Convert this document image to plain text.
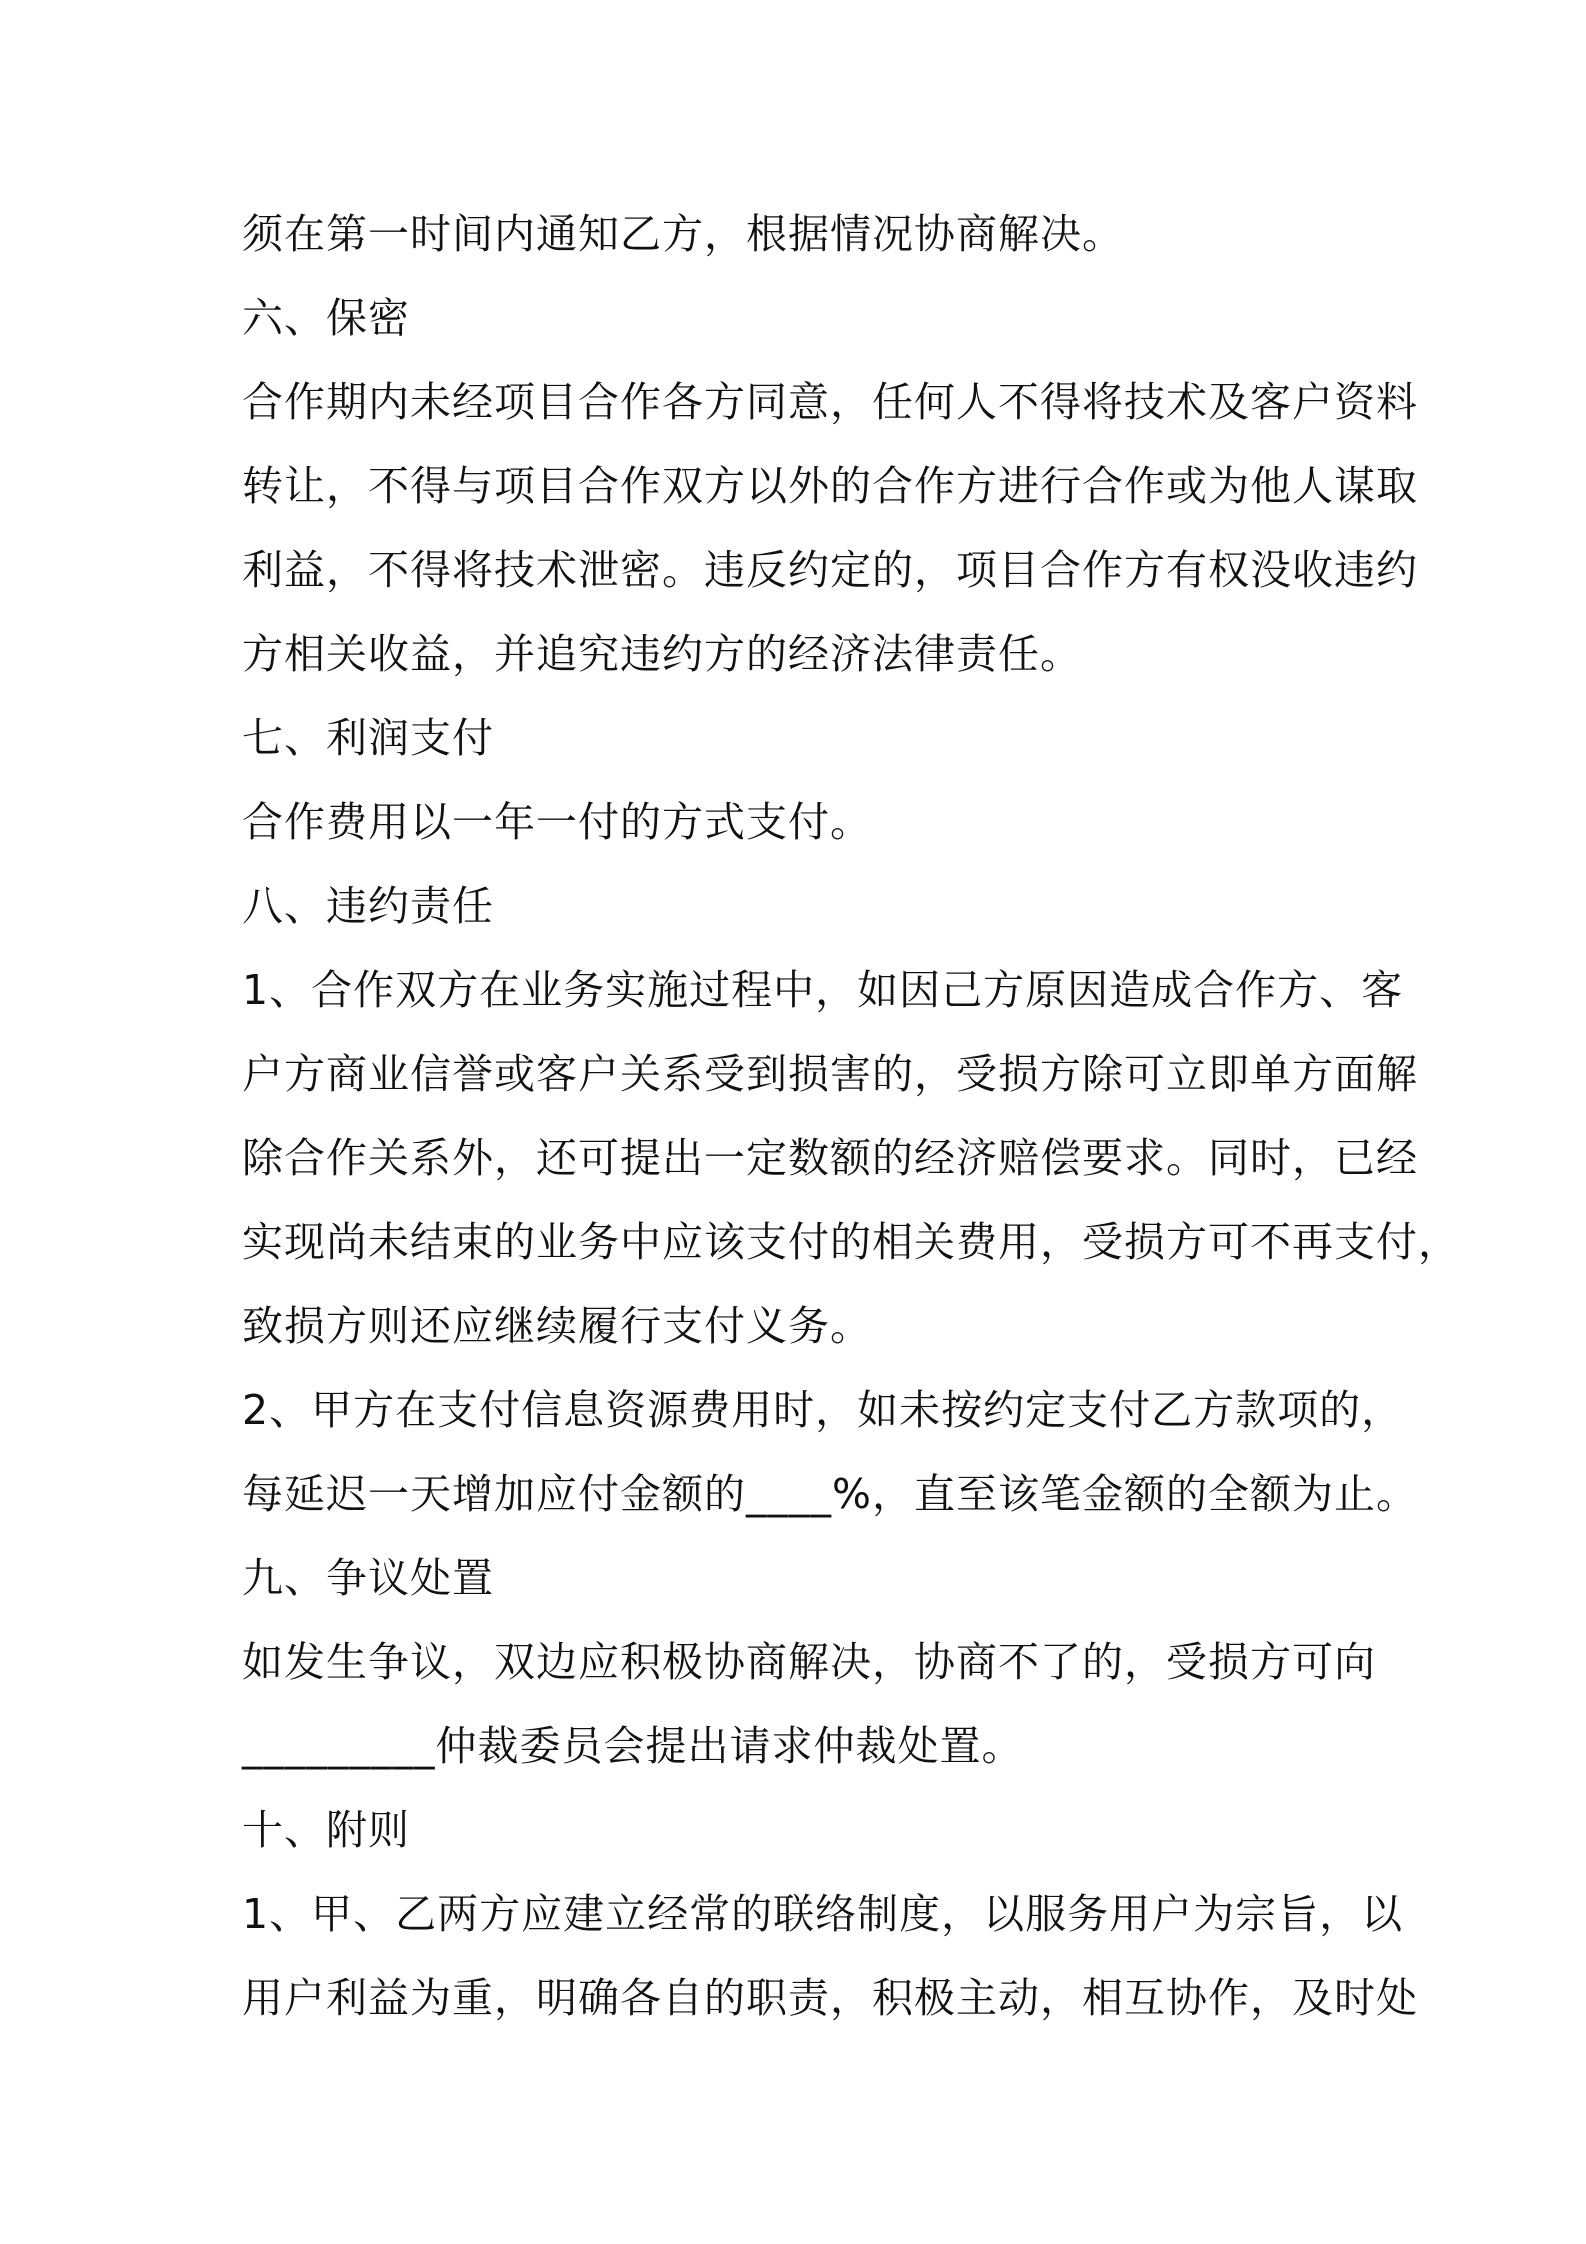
须在第一时间内通知乙方，根据情况协商解决。
六、保密
合作期内未经项目合作各方同意，任何人不得将技术及客户资料
转让，不得与项目合作双方以外的合作方进行合作或为他人谋取
利益，不得将技术泄密。违反约定的，项目合作方有权没收违约
方相关收益，并追究违约方的经济法律责任。
七、利润支付
合作费用以一年一付的方式支付。
八、违约责任
1、合作双方在业务实施过程中，如因己方原因造成合作方、客
户方商业信誉或客户关系受到损害的，受损方除可立即单方面解
除合作关系外，还可提出一定数额的经济赔偿要求。同时，已经
实现尚未结束的业务中应该支付的相关费用，受损方可不再支付，
致损方则还应继续履行支付义务。
2、甲方在支付信息资源费用时，如未按约定支付乙方款项的，
每延迟一天增加应付金额的____%，直至该笔金额的全额为止。
九、争议处置
如发生争议，双边应积极协商解决，协商不了的，受损方可向
_________仲裁委员会提出请求仲裁处置。
十、附则
1、甲、乙两方应建立经常的联络制度，以服务用户为宗旨，以
用户利益为重，明确各自的职责，积极主动，相互协作，及时处
